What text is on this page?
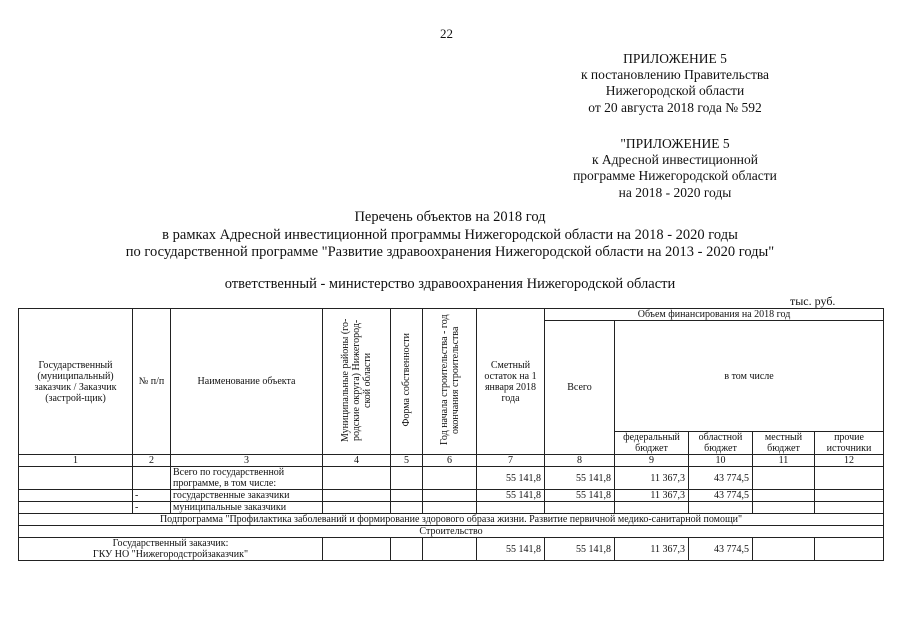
22
ПРИЛОЖЕНИЕ 5
к постановлению Правительства
Нижегородской области
от 20 августа 2018 года № 592
"ПРИЛОЖЕНИЕ 5
к Адресной инвестиционной
программе Нижегородской области
на 2018 - 2020 годы
Перечень объектов на 2018 год
в рамках Адресной инвестиционной программы Нижегородской области на 2018 - 2020 годы
по государственной программе "Развитие здравоохранения Нижегородской области на 2013 - 2020 годы"
ответственный - министерство здравоохранения Нижегородской области
тыс. руб.
Государственный (муниципальный) заказчик / Заказчик (застрой-щик)	№ п/п	Наименование объекта	Муниципальные районы (го-родские округа) Нижегород-ской области	Форма собственности	Год начала строительства - год окончания строительства	Сметный остаток на 1 января 2018 года	Объем финансирования на 2018 год				
							Всего	в том числе			
								федеральный бюджет	областной бюджет	местный бюджет	прочие источники
1	2	3	4	5	6	7	8	9	10	11	12
		Всего по государственной программе, в том числе:				55 141,8	55 141,8	11 367,3	43 774,5		
	-	государственные заказчики				55 141,8	55 141,8	11 367,3	43 774,5		
	-	муниципальные заказчики									
Подпрограмма "Профилактика заболеваний и формирование здорового образа жизни. Развитие первичной медико-санитарной помощи"											
Строительство											

Государственный заказчик:
ГКУ НО "Нижегородстройзаказчик"						55 141,8	55 141,8	11 367,3	43 774,5		
